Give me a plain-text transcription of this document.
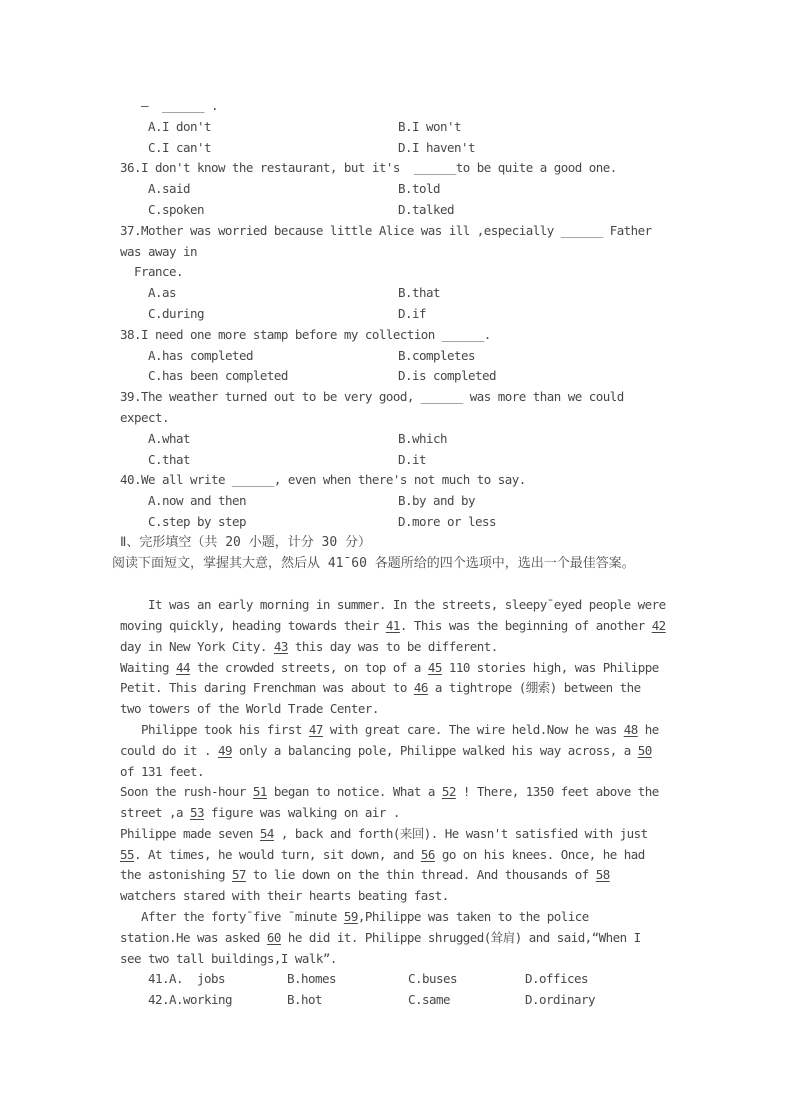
—  ______ .
A.I don't	B.I won't
C.I can't	D.I haven't
36.I don't know the restaurant, but it's  ______to be quite a good one.
A.said	B.told
C.spoken	D.talked
37.Mother was worried because little Alice was ill ,especially ______ Father
was away in
France.
A.as	B.that
C.during	D.if
38.I need one more stamp before my collection ______.
A.has completed	B.completes
C.has been completed	D.is completed
39.The weather turned out to be very good, ______ was more than we could
expect.
A.what	B.which
C.that	D.it
40.We all write ______, even when there's not much to say.
A.now and then	B.by and by
C.step by step	D.more or less
Ⅱ、完形填空（共 20 小题，计分 30 分）
阅读下面短文，掌握其大意，然后从 41¯60 各题所给的四个选项中，选出一个最佳答案。
It was an early morning in summer. In the streets, sleepy¯eyed people were
moving quickly, heading towards their 41. This was the beginning of another 42
day in New York City. 43 this day was to be different.
Waiting 44 the crowded streets, on top of a 45 110 stories high, was Philippe
Petit. This daring Frenchman was about to 46 a tightrope (绷索) between the
two towers of the World Trade Center.
Philippe took his first 47 with great care. The wire held.Now he was 48 he
could do it . 49 only a balancing pole, Philippe walked his way across, a 50
of 131 feet.
Soon the rush-hour 51 began to notice. What a 52 ! There, 1350 feet above the
street ,a 53 figure was walking on air .
Philippe made seven 54 , back and forth(来回). He wasn't satisfied with just
55. At times, he would turn, sit down, and 56 go on his knees. Once, he had
the astonishing 57 to lie down on the thin thread. And thousands of 58
watchers stared with their hearts beating fast.
After the forty¯five ¯minute 59,Philippe was taken to the police
station.He was asked 60 he did it. Philippe shrugged(耸肩) and said,“When I
see two tall buildings,I walk”.
41.A.  jobs	B.homes	C.buses	D.offices
42.A.working	B.hot	C.same	D.ordinary
